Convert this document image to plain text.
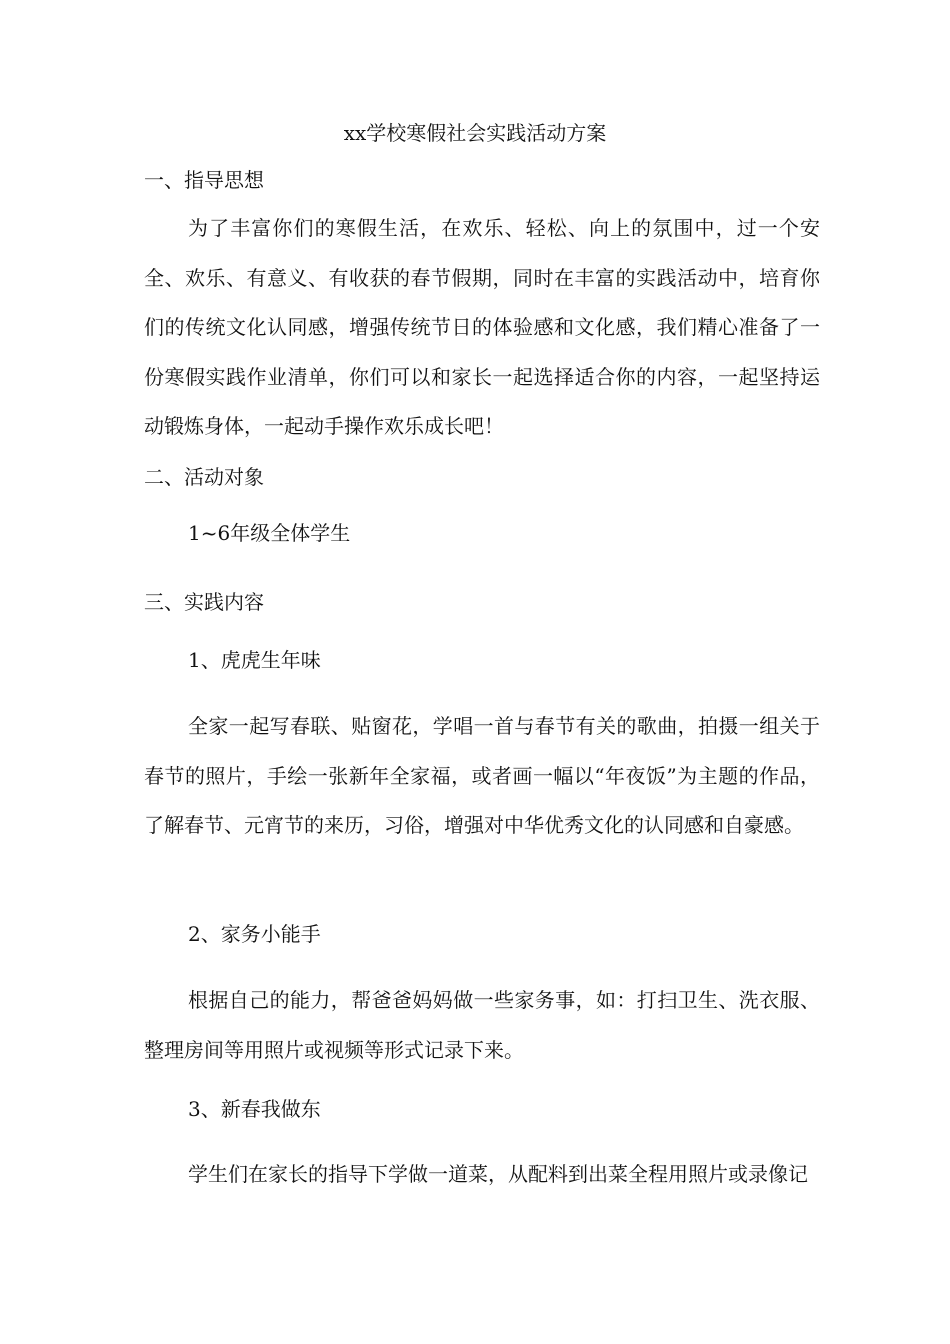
xx学校寒假社会实践活动方案
一、指导思想

为了丰富你们的寒假生活，在欢乐、轻松、向上的氛围中，过一个安全、欢乐、有意义、有收获的春节假期，同时在丰富的实践活动中，培育你们的传统文化认同感，增强传统节日的体验感和文化感，我们精心准备了一份寒假实践作业清单，你们可以和家长一起选择适合你的内容，一起坚持运动锻炼身体，一起动手操作欢乐成长吧！

二、活动对象
1~6年级全体学生
三、实践内容
1、虎虎生年味

全家一起写春联、贴窗花，学唱一首与春节有关的歌曲，拍摄一组关于春节的照片，手绘一张新年全家福，或者画一幅以“年夜饭”为主题的作品，了解春节、元宵节的来历，习俗，增强对中华优秀文化的认同感和自豪感。

2、家务小能手

根据自己的能力，帮爸爸妈妈做一些家务事，如：打扫卫生、洗衣服、整理房间等用照片或视频等形式记录下来。

3、新春我做东

学生们在家长的指导下学做一道菜，从配料到出菜全程用照片或录像记
